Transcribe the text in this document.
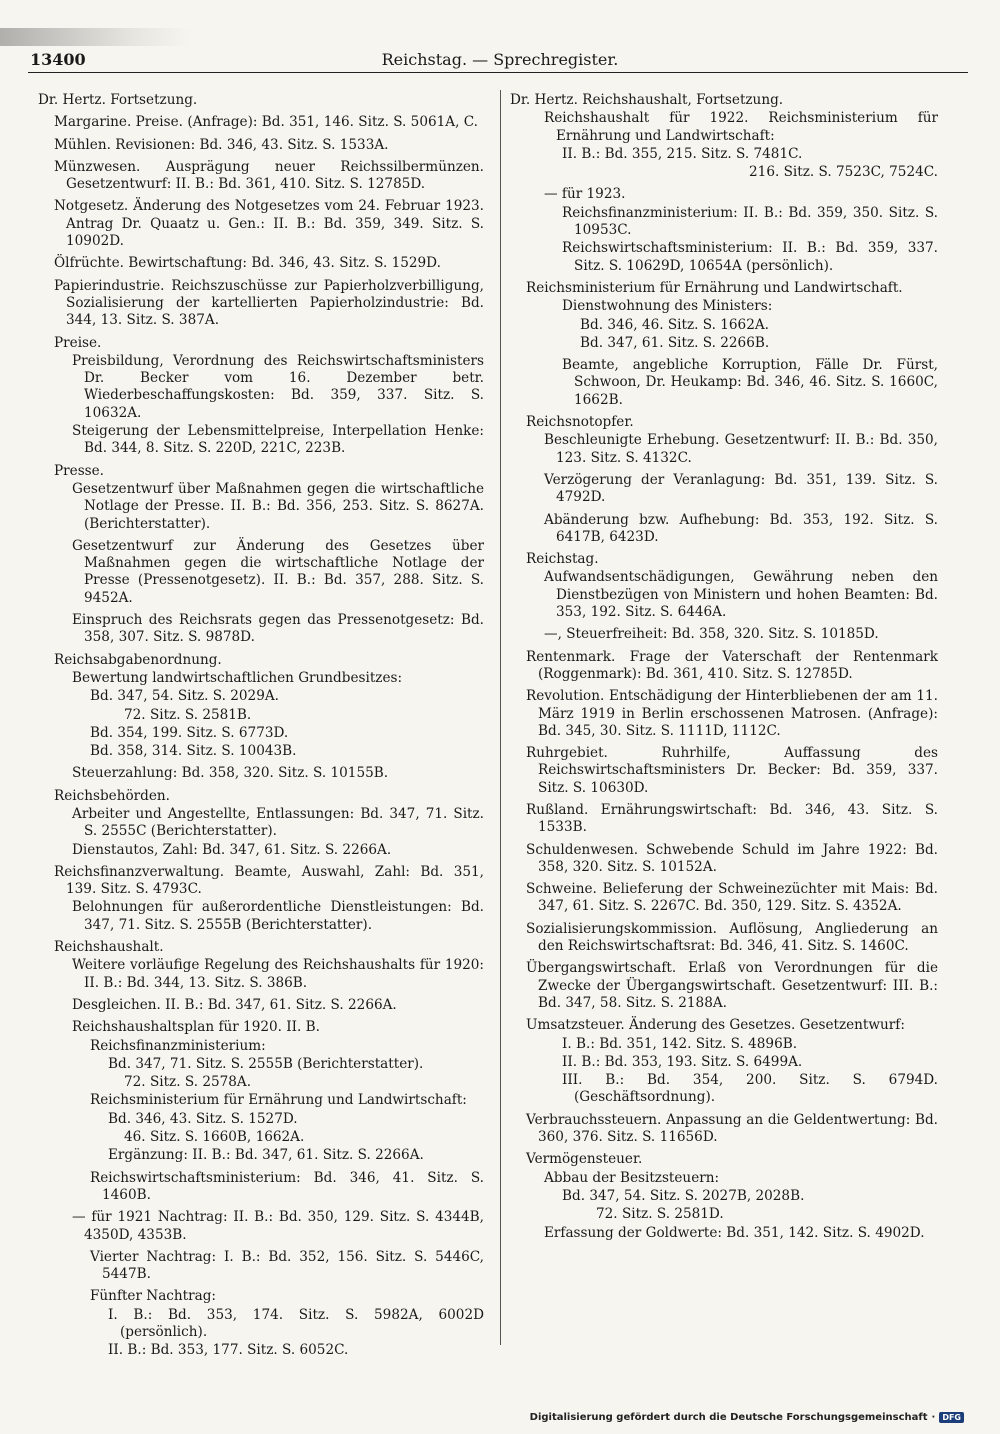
13400	Reichstag. — Sprechregister.

Dr. Hertz. Fortsetzung.

Margarine. Preise. (Anfrage): Bd. 351, 146. Sitz. S. 5061A, C.

Mühlen. Revisionen: Bd. 346, 43. Sitz. S. 1533A.

Münzwesen. Ausprägung neuer Reichssilbermünzen. Gesetzentwurf: II. B.: Bd. 361, 410. Sitz. S. 12785D.

Notgesetz. Änderung des Notgesetzes vom 24. Februar 1923. Antrag Dr. Quaatz u. Gen.: II. B.: Bd. 359, 349. Sitz. S. 10902D.

Ölfrüchte. Bewirtschaftung: Bd. 346, 43. Sitz. S. 1529D.

Papierindustrie. Reichszuschüsse zur Papierholzverbilligung, Sozialisierung der kartellierten Papierholzindustrie: Bd. 344, 13. Sitz. S. 387A.

Preise.

Preisbildung, Verordnung des Reichswirtschaftsministers Dr. Becker vom 16. Dezember betr. Wiederbeschaffungskosten: Bd. 359, 337. Sitz. S. 10632A.

Steigerung der Lebensmittelpreise, Interpellation Henke: Bd. 344, 8. Sitz. S. 220D, 221C, 223B.

Presse.

Gesetzentwurf über Maßnahmen gegen die wirtschaftliche Notlage der Presse. II. B.: Bd. 356, 253. Sitz. S. 8627A. (Berichterstatter).

Gesetzentwurf zur Änderung des Gesetzes über Maßnahmen gegen die wirtschaftliche Notlage der Presse (Pressenotgesetz). II. B.: Bd. 357, 288. Sitz. S. 9452A.

Einspruch des Reichsrats gegen das Pressenotgesetz: Bd. 358, 307. Sitz. S. 9878D.

Reichsabgabenordnung.

Bewertung landwirtschaftlichen Grundbesitzes:

Bd. 347, 54. Sitz. S. 2029A.

72. Sitz. S. 2581B.

Bd. 354, 199. Sitz. S. 6773D.

Bd. 358, 314. Sitz. S. 10043B.

Steuerzahlung: Bd. 358, 320. Sitz. S. 10155B.

Reichsbehörden.

Arbeiter und Angestellte, Entlassungen: Bd. 347, 71. Sitz. S. 2555C (Berichterstatter).

Dienstautos, Zahl: Bd. 347, 61. Sitz. S. 2266A.

Reichsfinanzverwaltung. Beamte, Auswahl, Zahl: Bd. 351, 139. Sitz. S. 4793C.

Belohnungen für außerordentliche Dienstleistungen: Bd. 347, 71. Sitz. S. 2555B (Berichterstatter).

Reichshaushalt.

Weitere vorläufige Regelung des Reichshaushalts für 1920: II. B.: Bd. 344, 13. Sitz. S. 386B.

Desgleichen. II. B.: Bd. 347, 61. Sitz. S. 2266A.

Reichshaushaltsplan für 1920. II. B.

Reichsfinanzministerium:

Bd. 347, 71. Sitz. S. 2555B (Berichterstatter).

72. Sitz. S. 2578A.

Reichsministerium für Ernährung und Landwirtschaft:

Bd. 346, 43. Sitz. S. 1527D.

46. Sitz. S. 1660B, 1662A.

Ergänzung: II. B.: Bd. 347, 61. Sitz. S. 2266A.

Reichswirtschaftsministerium: Bd. 346, 41. Sitz. S. 1460B.

— für 1921 Nachtrag: II. B.: Bd. 350, 129. Sitz. S. 4344B, 4350D, 4353B.

Vierter Nachtrag: I. B.: Bd. 352, 156. Sitz. S. 5446C, 5447B.

Fünfter Nachtrag:

I. B.: Bd. 353, 174. Sitz. S. 5982A, 6002D (persönlich).

II. B.: Bd. 353, 177. Sitz. S. 6052C.

Dr. Hertz. Reichshaushalt, Fortsetzung.

Reichshaushalt für 1922. Reichsministerium für Ernährung und Landwirtschaft:

II. B.: Bd. 355, 215. Sitz. S. 7481C.

216. Sitz. S. 7523C, 7524C.

— für 1923.

Reichsfinanzministerium: II. B.: Bd. 359, 350. Sitz. S. 10953C.

Reichswirtschaftsministerium: II. B.: Bd. 359, 337. Sitz. S. 10629D, 10654A (persönlich).

Reichsministerium für Ernährung und Landwirtschaft.

Dienstwohnung des Ministers:

Bd. 346, 46. Sitz. S. 1662A.

Bd. 347, 61. Sitz. S. 2266B.

Beamte, angebliche Korruption, Fälle Dr. Fürst, Schwoon, Dr. Heukamp: Bd. 346, 46. Sitz. S. 1660C, 1662B.

Reichsnotopfer.

Beschleunigte Erhebung. Gesetzentwurf: II. B.: Bd. 350, 123. Sitz. S. 4132C.

Verzögerung der Veranlagung: Bd. 351, 139. Sitz. S. 4792D.

Abänderung bzw. Aufhebung: Bd. 353, 192. Sitz. S. 6417B, 6423D.

Reichstag.

Aufwandsentschädigungen, Gewährung neben den Dienstbezügen von Ministern und hohen Beamten: Bd. 353, 192. Sitz. S. 6446A.

—, Steuerfreiheit: Bd. 358, 320. Sitz. S. 10185D.

Rentenmark. Frage der Vaterschaft der Rentenmark (Roggenmark): Bd. 361, 410. Sitz. S. 12785D.

Revolution. Entschädigung der Hinterbliebenen der am 11. März 1919 in Berlin erschossenen Matrosen. (Anfrage): Bd. 345, 30. Sitz. S. 1111D, 1112C.

Ruhrgebiet. Ruhrhilfe, Auffassung des Reichswirtschaftsministers Dr. Becker: Bd. 359, 337. Sitz. S. 10630D.

Rußland. Ernährungswirtschaft: Bd. 346, 43. Sitz. S. 1533B.

Schuldenwesen. Schwebende Schuld im Jahre 1922: Bd. 358, 320. Sitz. S. 10152A.

Schweine. Belieferung der Schweinezüchter mit Mais: Bd. 347, 61. Sitz. S. 2267C. Bd. 350, 129. Sitz. S. 4352A.

Sozialisierungskommission. Auflösung, Angliederung an den Reichswirtschaftsrat: Bd. 346, 41. Sitz. S. 1460C.

Übergangswirtschaft. Erlaß von Verordnungen für die Zwecke der Übergangswirtschaft. Gesetzentwurf: III. B.: Bd. 347, 58. Sitz. S. 2188A.

Umsatzsteuer. Änderung des Gesetzes. Gesetzentwurf:

I. B.: Bd. 351, 142. Sitz. S. 4896B.

II. B.: Bd. 353, 193. Sitz. S. 6499A.

III. B.: Bd. 354, 200. Sitz. S. 6794D. (Geschäftsordnung).

Verbrauchssteuern. Anpassung an die Geldentwertung: Bd. 360, 376. Sitz. S. 11656D.

Vermögensteuer.

Abbau der Besitzsteuern:

Bd. 347, 54. Sitz. S. 2027B, 2028B.

72. Sitz. S. 2581D.

Erfassung der Goldwerte: Bd. 351, 142. Sitz. S. 4902D.

Digitalisierung gefördert durch die Deutsche Forschungsgemeinschaft · DFG
